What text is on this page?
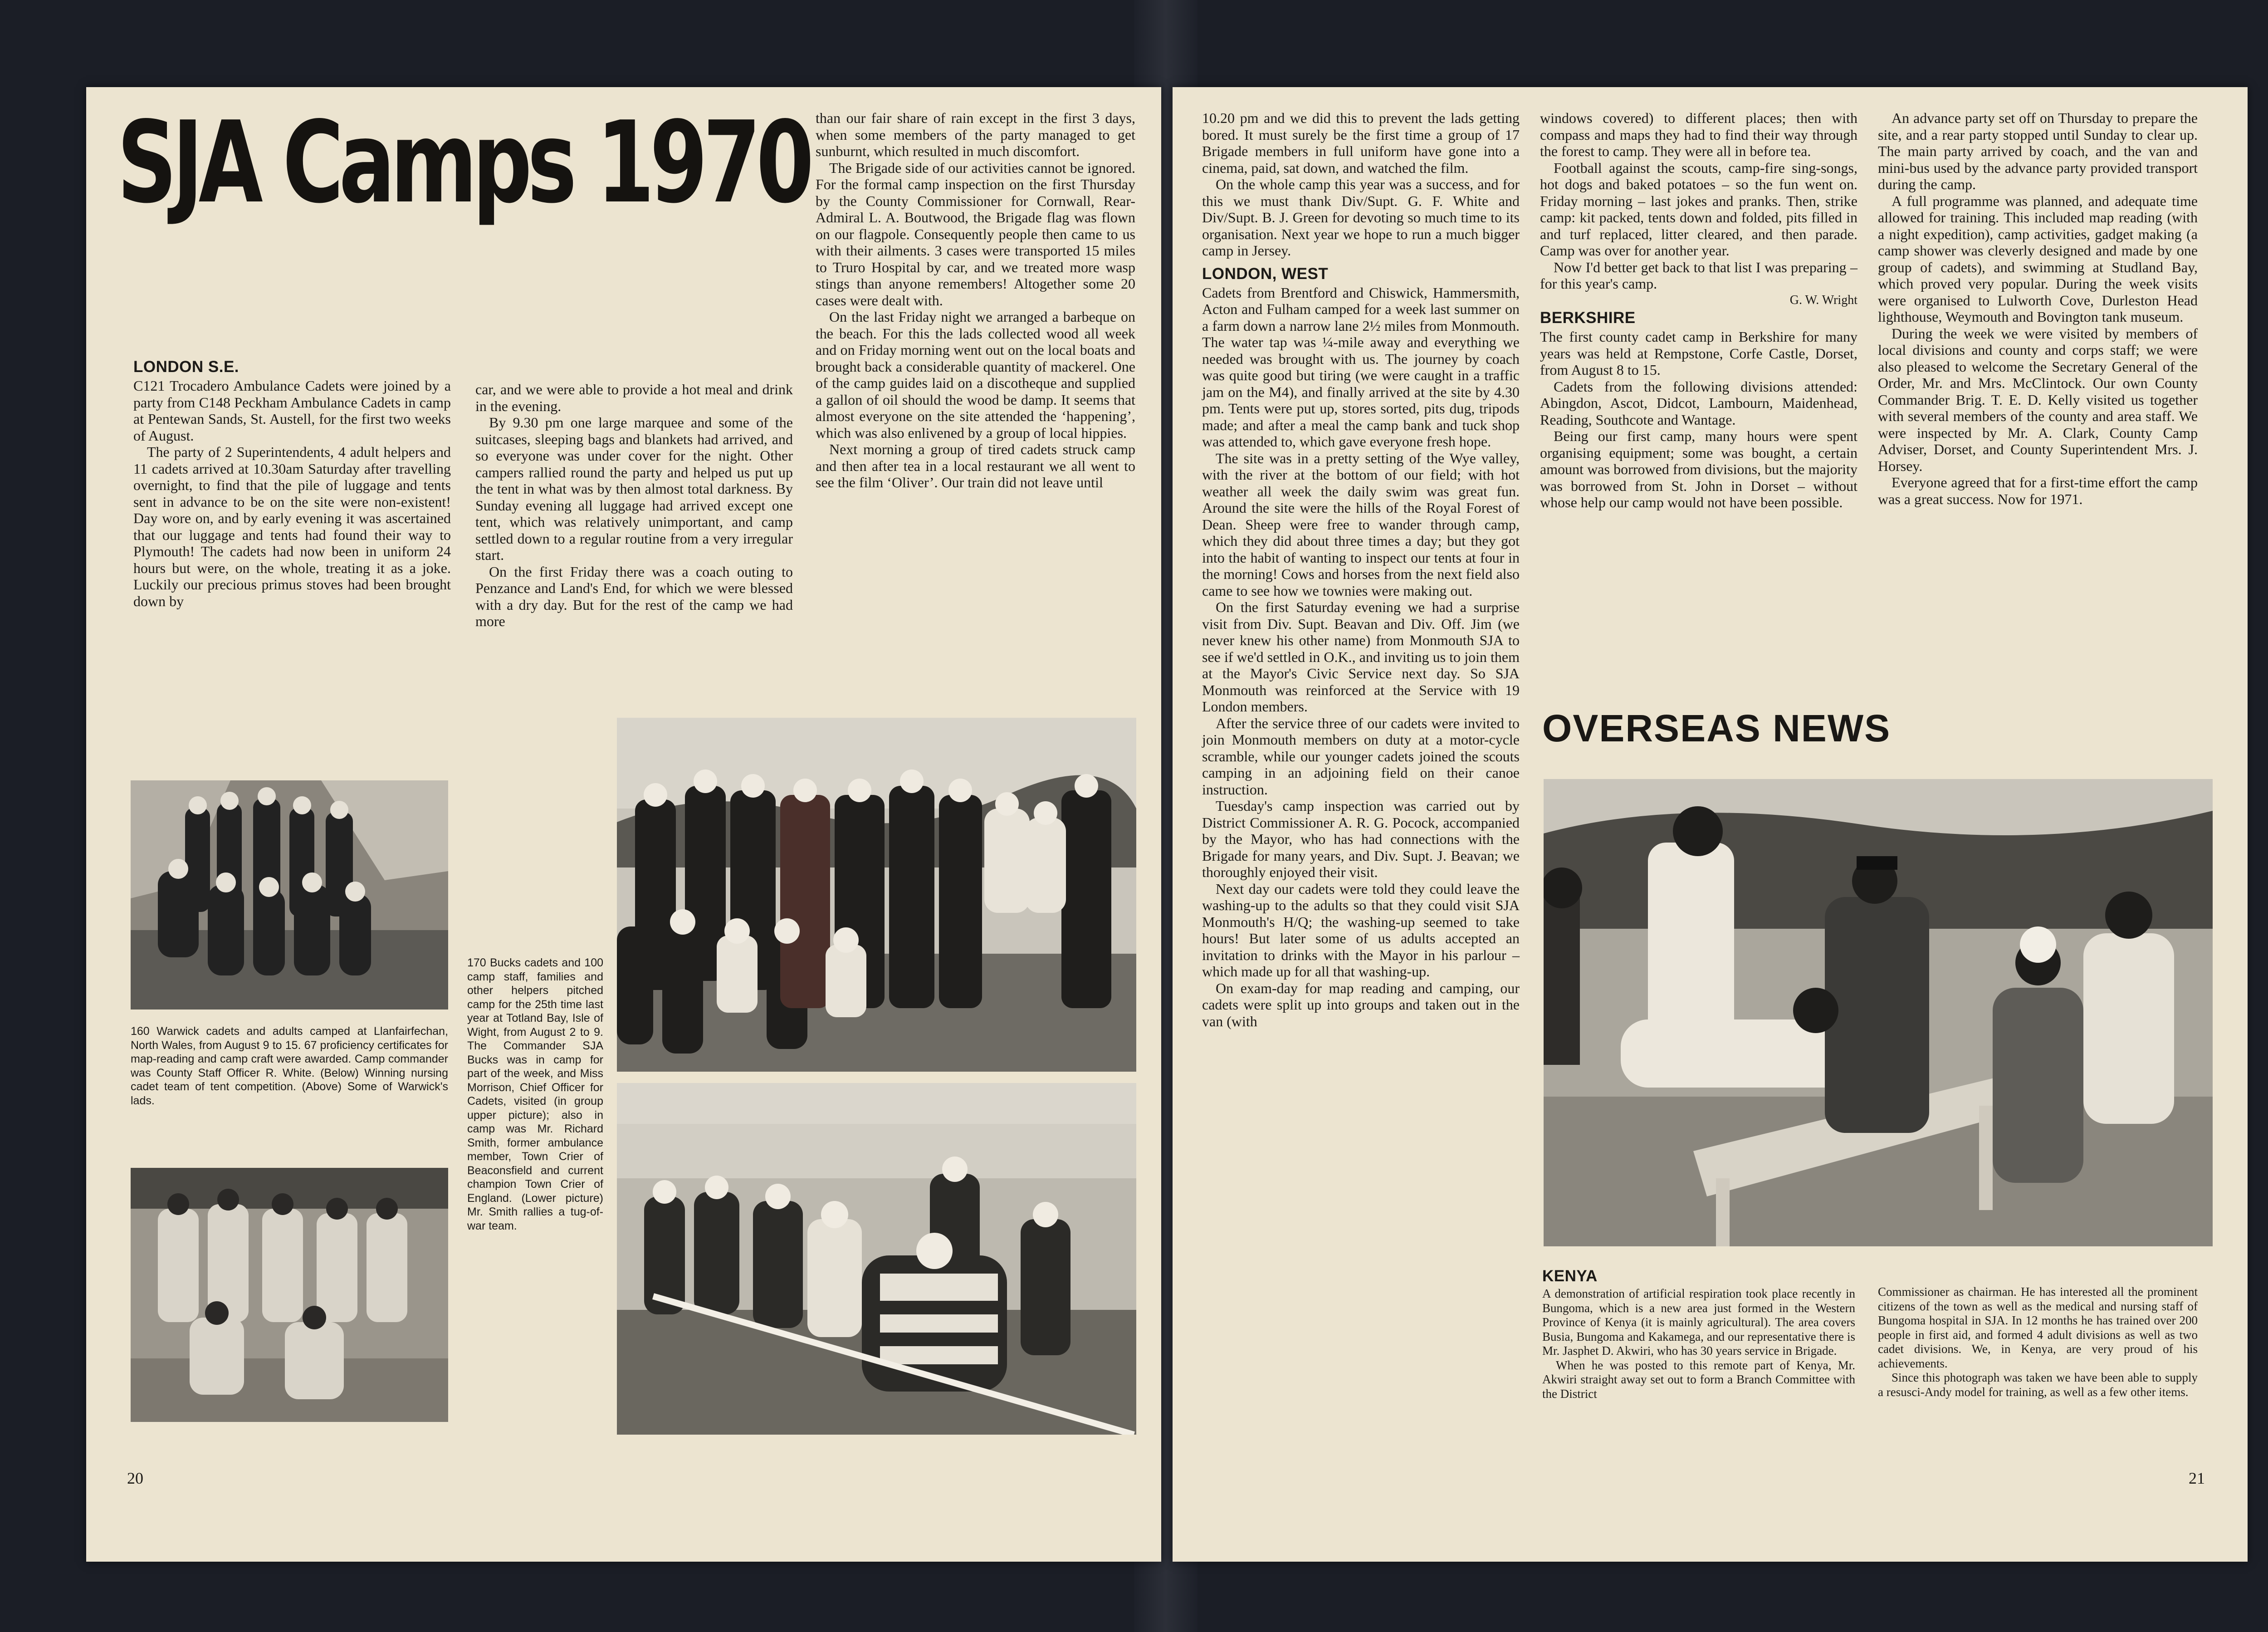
SJA Camps 1970
LONDON S.E.

C121 Trocadero Ambulance Cadets were joined by a party from C148 Peckham Ambulance Cadets in camp at Pentewan Sands, St. Austell, for the first two weeks of August.

The party of 2 Superintendents, 4 adult helpers and 11 cadets arrived at 10.30am Saturday after travelling overnight, to find that the pile of luggage and tents sent in advance to be on the site were non-existent! Day wore on, and by early evening it was ascertained that our luggage and tents had found their way to Plymouth! The cadets had now been in uniform 24 hours but were, on the whole, treating it as a joke. Luckily our precious primus stoves had been brought down by

car, and we were able to provide a hot meal and drink in the evening.

By 9.30 pm one large marquee and some of the suitcases, sleeping bags and blankets had arrived, and so everyone was under cover for the night. Other campers rallied round the party and helped us put up the tent in what was by then almost total darkness. By Sunday evening all luggage had arrived except one tent, which was relatively unimportant, and camp settled down to a regular routine from a very irregular start.

On the first Friday there was a coach outing to Penzance and Land's End, for which we were blessed with a dry day. But for the rest of the camp we had more

than our fair share of rain except in the first 3 days, when some members of the party managed to get sunburnt, which resulted in much discomfort.

The Brigade side of our activities cannot be ignored. For the formal camp inspection on the first Thursday by the County Commissioner for Cornwall, Rear-Admiral L. A. Boutwood, the Brigade flag was flown on our flagpole. Consequently people then came to us with their ailments. 3 cases were transported 15 miles to Truro Hospital by car, and we treated more wasp stings than anyone remembers! Altogether some 20 cases were dealt with.

On the last Friday night we arranged a barbeque on the beach. For this the lads collected wood all week and on Friday morning went out on the local boats and brought back a considerable quantity of mackerel. One of the camp guides laid on a discotheque and supplied a gallon of oil should the wood be damp. It seems that almost everyone on the site attended the ‘happening’, which was also enlivened by a group of local hippies.

Next morning a group of tired cadets struck camp and then after tea in a local restaurant we all went to see the film ‘Oliver’. Our train did not leave until

160 Warwick cadets and adults camped at Llanfairfechan, North Wales, from August 9 to 15. 67 proficiency certificates for map-reading and camp craft were awarded. Camp commander was County Staff Officer R. White. (Below) Winning nursing cadet team of tent competition. (Above) Some of Warwick's lads.

170 Bucks cadets and 100 camp staff, families and other helpers pitched camp for the 25th time last year at Totland Bay, Isle of Wight, from August 2 to 9. The Commander SJA Bucks was in camp for part of the week, and Miss Morrison, Chief Officer for Cadets, visited (in group upper picture); also in camp was Mr. Richard Smith, former ambulance member, Town Crier of Beaconsfield and current champion Town Crier of England. (Lower picture) Mr. Smith rallies a tug-of-war team.

20

10.20 pm and we did this to prevent the lads getting bored. It must surely be the first time a group of 17 Brigade members in full uniform have gone into a cinema, paid, sat down, and watched the film.

On the whole camp this year was a success, and for this we must thank Div/Supt. G. F. White and Div/Supt. B. J. Green for devoting so much time to its organisation. Next year we hope to run a much bigger camp in Jersey.

LONDON, WEST

Cadets from Brentford and Chiswick, Hammersmith, Acton and Fulham camped for a week last summer on a farm down a narrow lane 2½ miles from Monmouth. The water tap was ¼-mile away and everything we needed was brought with us. The journey by coach was quite good but tiring (we were caught in a traffic jam on the M4), and finally arrived at the site by 4.30 pm. Tents were put up, stores sorted, pits dug, tripods made; and after a meal the camp bank and tuck shop was attended to, which gave everyone fresh hope.

The site was in a pretty setting of the Wye valley, with the river at the bottom of our field; with hot weather all week the daily swim was great fun. Around the site were the hills of the Royal Forest of Dean. Sheep were free to wander through camp, which they did about three times a day; but they got into the habit of wanting to inspect our tents at four in the morning! Cows and horses from the next field also came to see how we townies were making out.

On the first Saturday evening we had a surprise visit from Div. Supt. Beavan and Div. Off. Jim (we never knew his other name) from Monmouth SJA to see if we'd settled in O.K., and inviting us to join them at the Mayor's Civic Service next day. So SJA Monmouth was reinforced at the Service with 19 London members.

After the service three of our cadets were invited to join Monmouth members on duty at a motor-cycle scramble, while our younger cadets joined the scouts camping in an adjoining field on their canoe instruction.

Tuesday's camp inspection was carried out by District Commissioner A. R. G. Pocock, accompanied by the Mayor, who has had connections with the Brigade for many years, and Div. Supt. J. Beavan; we thoroughly enjoyed their visit.

Next day our cadets were told they could leave the washing-up to the adults so that they could visit SJA Monmouth's H/Q; the washing-up seemed to take hours! But later some of us adults accepted an invitation to drinks with the Mayor in his parlour – which made up for all that washing-up.

On exam-day for map reading and camping, our cadets were split up into groups and taken out in the van (with

windows covered) to different places; then with compass and maps they had to find their way through the forest to camp. They were all in before tea.

Football against the scouts, camp-fire sing-songs, hot dogs and baked potatoes – so the fun went on. Friday morning – last jokes and pranks. Then, strike camp: kit packed, tents down and folded, pits filled in and turf replaced, litter cleared, and then parade. Camp was over for another year.

Now I'd better get back to that list I was preparing – for this year's camp.

G. W. Wright
BERKSHIRE

The first county cadet camp in Berkshire for many years was held at Rempstone, Corfe Castle, Dorset, from August 8 to 15.

Cadets from the following divisions attended: Abingdon, Ascot, Didcot, Lambourn, Maidenhead, Reading, Southcote and Wantage.

Being our first camp, many hours were spent organising equipment; some was bought, a certain amount was borrowed from divisions, but the majority was borrowed from St. John in Dorset – without whose help our camp would not have been possible.

An advance party set off on Thursday to prepare the site, and a rear party stopped until Sunday to clear up. The main party arrived by coach, and the van and mini-bus used by the advance party provided transport during the camp.

A full programme was planned, and adequate time allowed for training. This included map reading (with a night expedition), camp activities, gadget making (a camp shower was cleverly designed and made by one group of cadets), and swimming at Studland Bay, which proved very popular. During the week visits were organised to Lulworth Cove, Durleston Head lighthouse, Weymouth and Bovington tank museum.

During the week we were visited by members of local divisions and county and corps staff; we were also pleased to welcome the Secretary General of the Order, Mr. and Mrs. McClintock. Our own County Commander Brig. T. E. D. Kelly visited us together with several members of the county and area staff. We were inspected by Mr. A. Clark, County Camp Adviser, Dorset, and County Superintendent Mrs. J. Horsey.

Everyone agreed that for a first-time effort the camp was a great success. Now for 1971.

OVERSEAS NEWS
KENYA

A demonstration of artificial respiration took place recently in Bungoma, which is a new area just formed in the Western Province of Kenya (it is mainly agricultural). The area covers Busia, Bungoma and Kakamega, and our representative there is Mr. Jasphet D. Akwiri, who has 30 years service in Brigade.

When he was posted to this remote part of Kenya, Mr. Akwiri straight away set out to form a Branch Committee with the District

Commissioner as chairman. He has interested all the prominent citizens of the town as well as the medical and nursing staff of Bungoma hospital in SJA. In 12 months he has trained over 200 people in first aid, and formed 4 adult divisions as well as two cadet divisions. We, in Kenya, are very proud of his achievements.

Since this photograph was taken we have been able to supply a resusci-Andy model for training, as well as a few other items.

21
